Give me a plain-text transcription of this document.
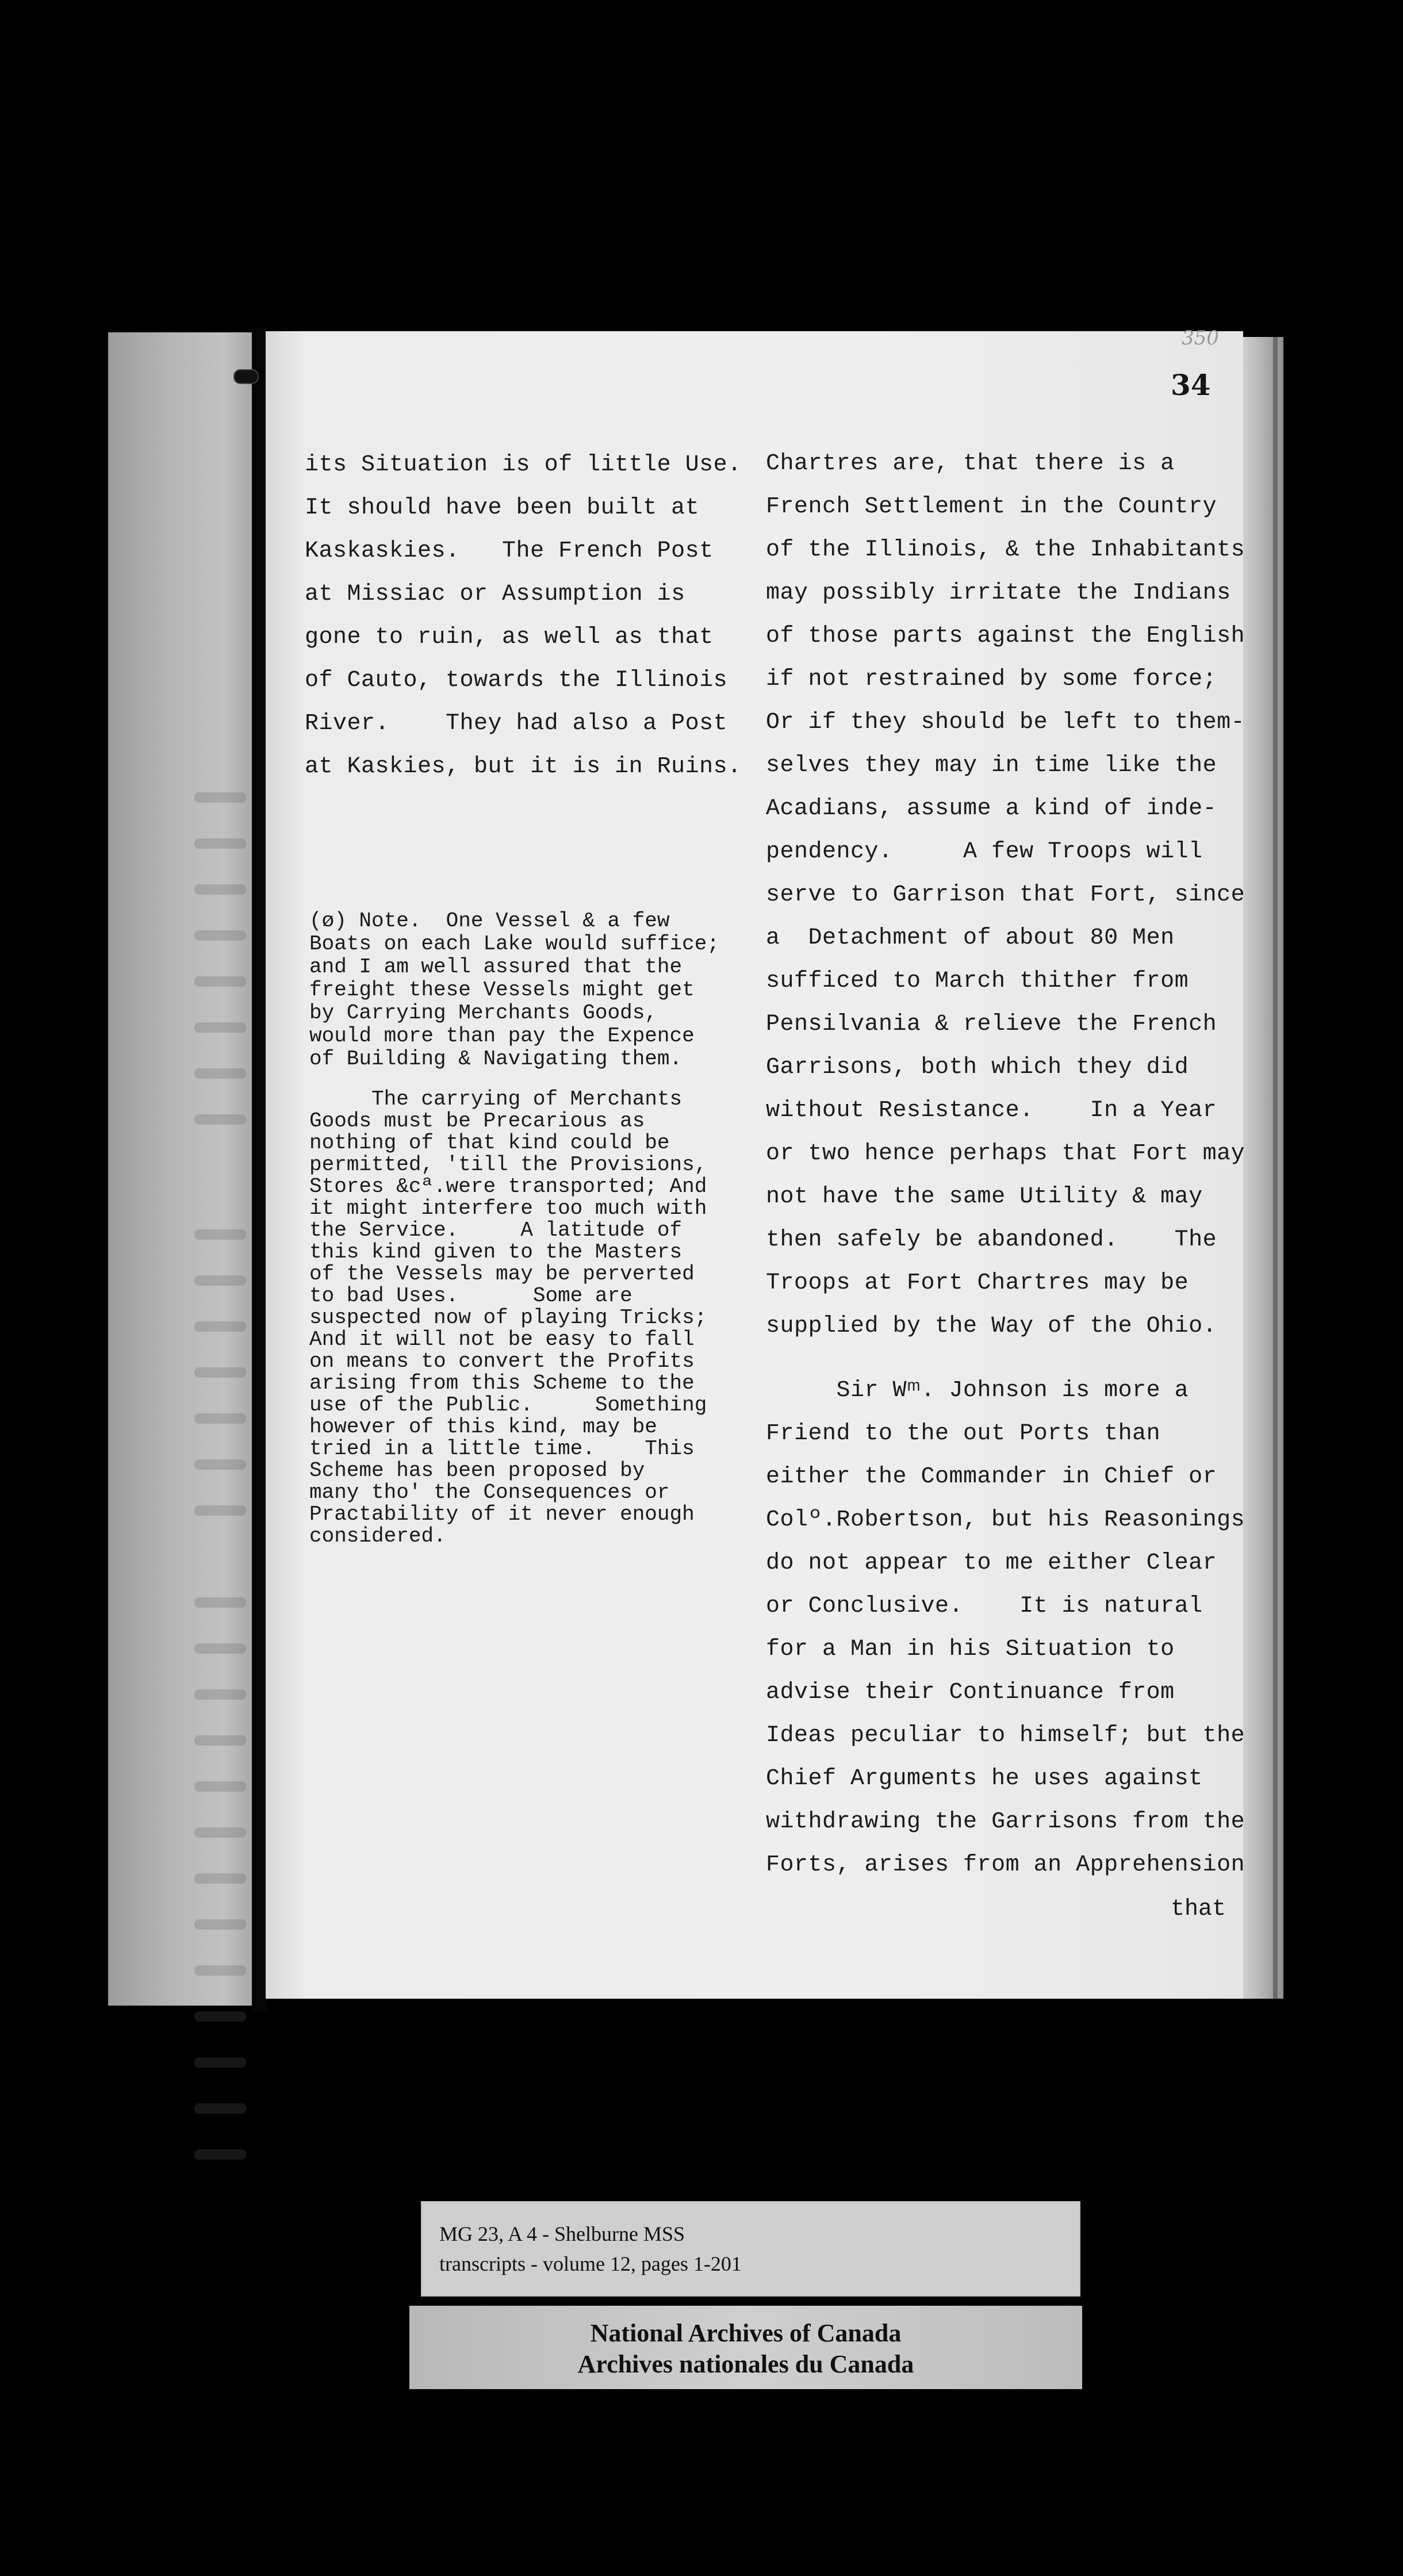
350
34

its Situation is of little Use.

It should have been built at

Kaskaskies.   The French Post

at Missiac or Assumption is

gone to ruin, as well as that

of Cauto, towards the Illinois

River.    They had also a Post

at Kaskies, but it is in Ruins.

(ø) Note.  One Vessel & a few

Boats on each Lake would suffice;

and I am well assured that the

freight these Vessels might get

by Carrying Merchants Goods,

would more than pay the Expence

of Building & Navigating them.

The carrying of Merchants

Goods must be Precarious as

nothing of that kind could be

permitted, 'till the Provisions,

Stores &cª.were transported; And

it might interfere too much with

the Service.     A latitude of

this kind given to the Masters

of the Vessels may be perverted

to bad Uses.      Some are

suspected now of playing Tricks;

And it will not be easy to fall

on means to convert the Profits

arising from this Scheme to the

use of the Public.     Something

however of this kind, may be

tried in a little time.    This

Scheme has been proposed by

many tho' the Consequences or

Practability of it never enough

considered.

Chartres are, that there is a

French Settlement in the Country

of the Illinois, & the Inhabitants

may possibly irritate the Indians

of those parts against the English

if not restrained by some force;

Or if they should be left to them-

selves they may in time like the

Acadians, assume a kind of inde-

pendency.     A few Troops will

serve to Garrison that Fort, since

a  Detachment of about 80 Men

sufficed to March thither from

Pensilvania & relieve the French

Garrisons, both which they did

without Resistance.    In a Year

or two hence perhaps that Fort may

not have the same Utility & may

then safely be abandoned.    The

Troops at Fort Chartres may be

supplied by the Way of the Ohio.

Sir Wᵐ. Johnson is more a

Friend to the out Ports than

either the Commander in Chief or

Colº.Robertson, but his Reasonings

do not appear to me either Clear

or Conclusive.    It is natural

for a Man in his Situation to

advise their Continuance from

Ideas peculiar to himself; but the

Chief Arguments he uses against

withdrawing the Garrisons from the

Forts, arises from an Apprehension

that

MG 23, A 4 - Shelburne MSS

transcripts - volume 12, pages 1-201

National Archives of Canada

Archives nationales du Canada
